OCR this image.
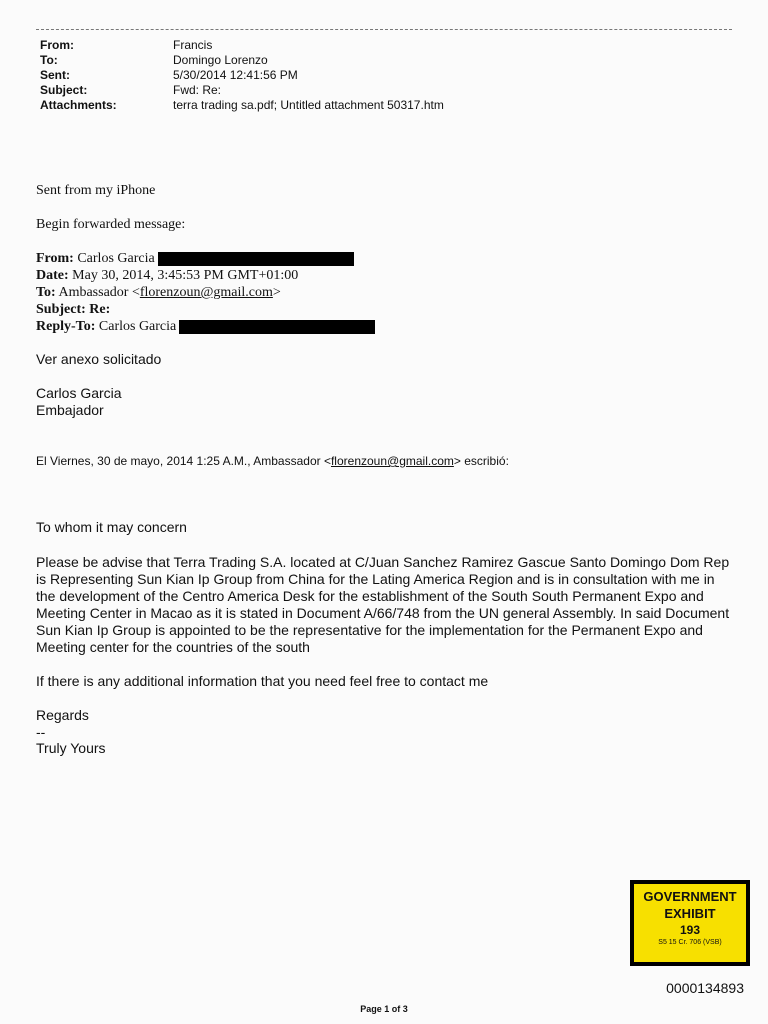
From:	Francis
To:	Domingo Lorenzo
Sent:	5/30/2014 12:41:56 PM
Subject:	Fwd: Re:
Attachments:	terra trading sa.pdf; Untitled attachment 50317.htm
Sent from my iPhone
Begin forwarded message:
From: Carlos Garcia
Date: May 30, 2014, 3:45:53 PM GMT+01:00
To: Ambassador <florenzoun@gmail.com>
Subject: Re:
Reply-To: Carlos Garcia
Ver anexo solicitado
Carlos Garcia
Embajador
El Viernes, 30 de mayo, 2014 1:25 A.M., Ambassador <florenzoun@gmail.com> escribió:
To whom it may concern
Please be advise that Terra Trading S.A. located at C/Juan Sanchez Ramirez Gascue Santo Domingo Dom Rep is Representing Sun Kian Ip Group from China for the Lating America Region and is in consultation with me in the development of the Centro America Desk for the establishment of the South South Permanent Expo and Meeting Center in Macao as it is stated in Document A/66/748 from the UN general Assembly. In said Document Sun Kian Ip Group is appointed to be the representative for the implementation for the Permanent Expo and Meeting center for the countries of the south
If there is any additional information that you need feel free to contact me
Regards
--
Truly Yours
GOVERNMENT
EXHIBIT
193
S5 15 Cr. 706 (VSB)
0000134893
Page 1 of 3
